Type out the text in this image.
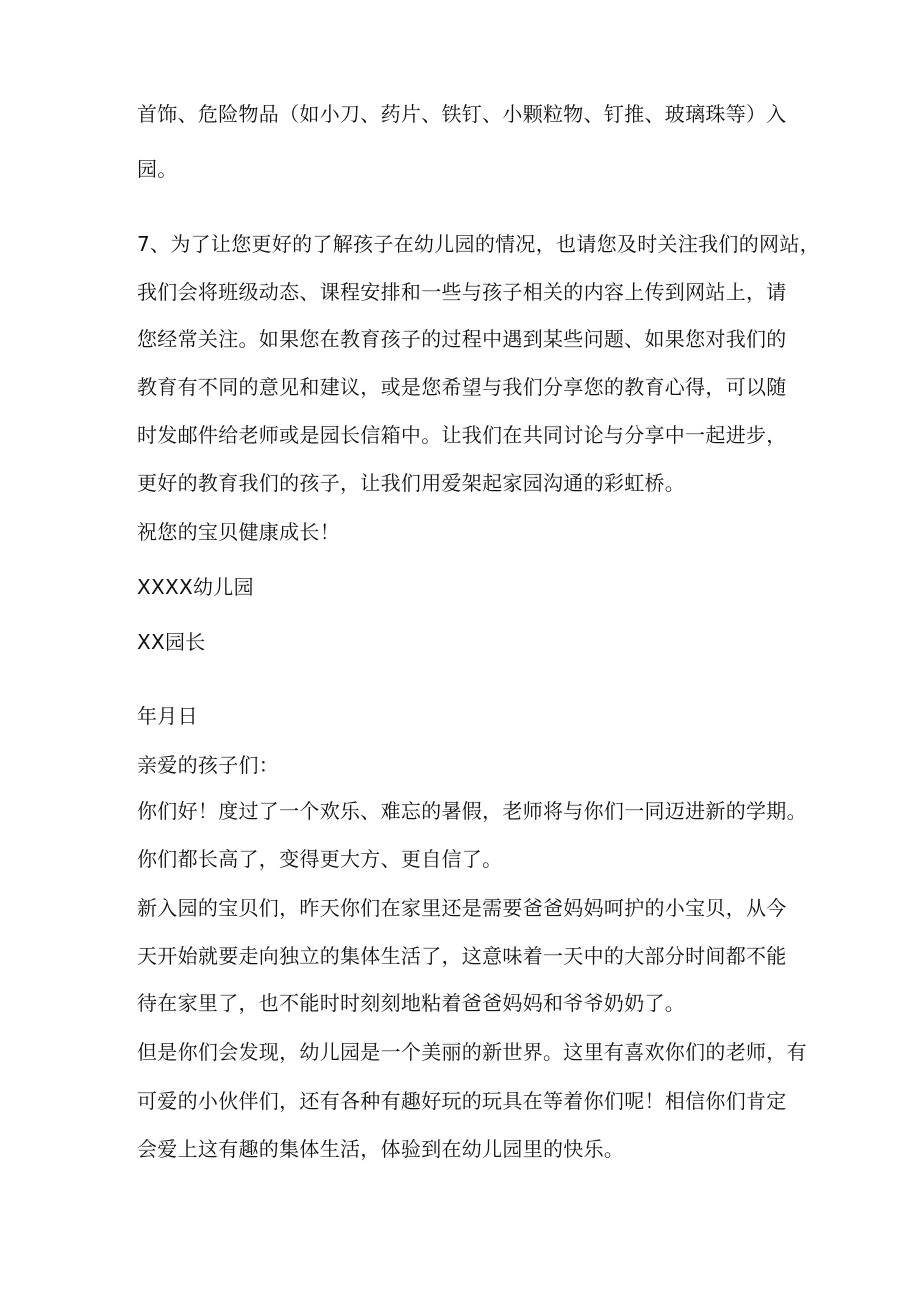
首饰、危险物品（如小刀、药片、铁钉、小颗粒物、钉推、玻璃珠等）入
园。
7、为了让您更好的了解孩子在幼儿园的情况，也请您及时关注我们的网站，
我们会将班级动态、课程安排和一些与孩子相关的内容上传到网站上，请
您经常关注。如果您在教育孩子的过程中遇到某些问题、如果您对我们的
教育有不同的意见和建议，或是您希望与我们分享您的教育心得，可以随
时发邮件给老师或是园长信箱中。让我们在共同讨论与分享中一起进步，
更好的教育我们的孩子，让我们用爱架起家园沟通的彩虹桥。
祝您的宝贝健康成长！
XXXX幼儿园
XX园长
年月日
亲爱的孩子们：
你们好！度过了一个欢乐、难忘的暑假，老师将与你们一同迈进新的学期。
你们都长高了，变得更大方、更自信了。
新入园的宝贝们，昨天你们在家里还是需要爸爸妈妈呵护的小宝贝，从今
天开始就要走向独立的集体生活了，这意味着一天中的大部分时间都不能
待在家里了，也不能时时刻刻地粘着爸爸妈妈和爷爷奶奶了。
但是你们会发现，幼儿园是一个美丽的新世界。这里有喜欢你们的老师，有
可爱的小伙伴们，还有各种有趣好玩的玩具在等着你们呢！相信你们肯定
会爱上这有趣的集体生活，体验到在幼儿园里的快乐。
